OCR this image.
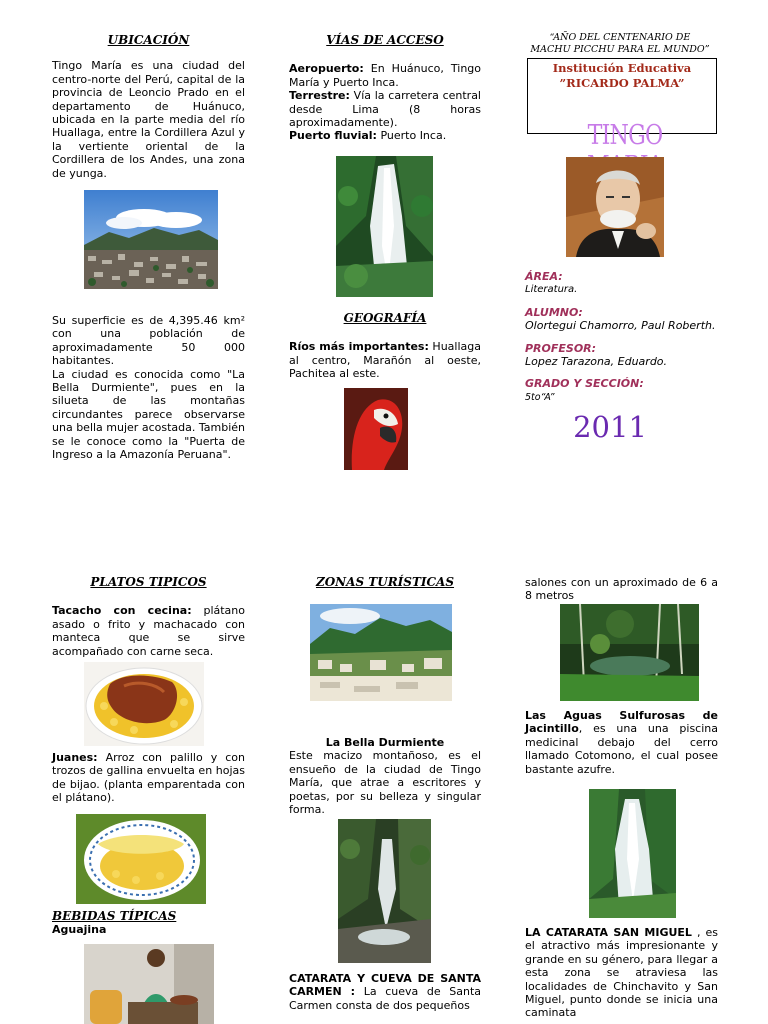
UBICACIÓN

Tingo María es una ciudad del centro-norte del Perú, capital de la provincia de Leoncio Prado en el departamento de Huánuco, ubicada en la parte media del río Huallaga, entre la Cordillera Azul y la vertiente oriental de la Cordillera de los Andes, una zona de yunga.

Su superficie es de 4,395.46 km² con una población de aproximadamente 50 000 habitantes.

La ciudad es conocida como "La Bella Durmiente", pues en la silueta de las montañas circundantes parece observarse una bella mujer acostada. También se le conoce como la "Puerta de Ingreso a la Amazonía Peruana".

VÍAS DE ACCESO

Aeropuerto: En Huánuco, Tingo María y Puerto Inca.

Terrestre: Vía la carretera central desde Lima (8 horas aproximadamente).

Puerto fluvial: Puerto Inca.

GEOGRAFÍA

Ríos más importantes: Huallaga al centro, Marañón al oeste, Pachitea al este.

“AÑO DEL CENTENARIO DE MACHU PICCHU PARA EL MUNDO”
Institución Educativa
”RICARDO PALMA”
TINGO
ÁREA:
Literatura.
ALUMNO:
Olortegui Chamorro, Paul Roberth.
PROFESOR:
Lopez Tarazona, Eduardo.
GRADO Y SECCIÓN:
5to“A”
2011
PLATOS TIPICOS

Tacacho con cecina: plátano asado o frito y machacado con manteca que se sirve acompañado con carne seca.

Juanes: Arroz con palillo y con trozos de gallina envuelta en hojas de bijao. (planta emparentada con el plátano).

BEBIDAS TÍPICAS
Aguajina
ZONAS TURÍSTICAS
La Bella Durmiente

Este macizo montañoso, es el ensueño de la ciudad de Tingo María, que atrae a escritores y poetas, por su belleza y singular forma.

CATARATA Y CUEVA DE SANTA CARMEN : La cueva de Santa Carmen consta de dos pequeños

salones con un aproximado de 6 a 8 metros

Las Aguas Sulfurosas de Jacintillo, es una una piscina medicinal debajo del cerro llamado Cotomono, el cual posee bastante azufre.

LA CATARATA SAN MIGUEL , es el atractivo más impresionante y grande en su género, para llegar a esta zona se atraviesa las localidades de Chinchavito y San Miguel, punto donde se inicia una caminata
